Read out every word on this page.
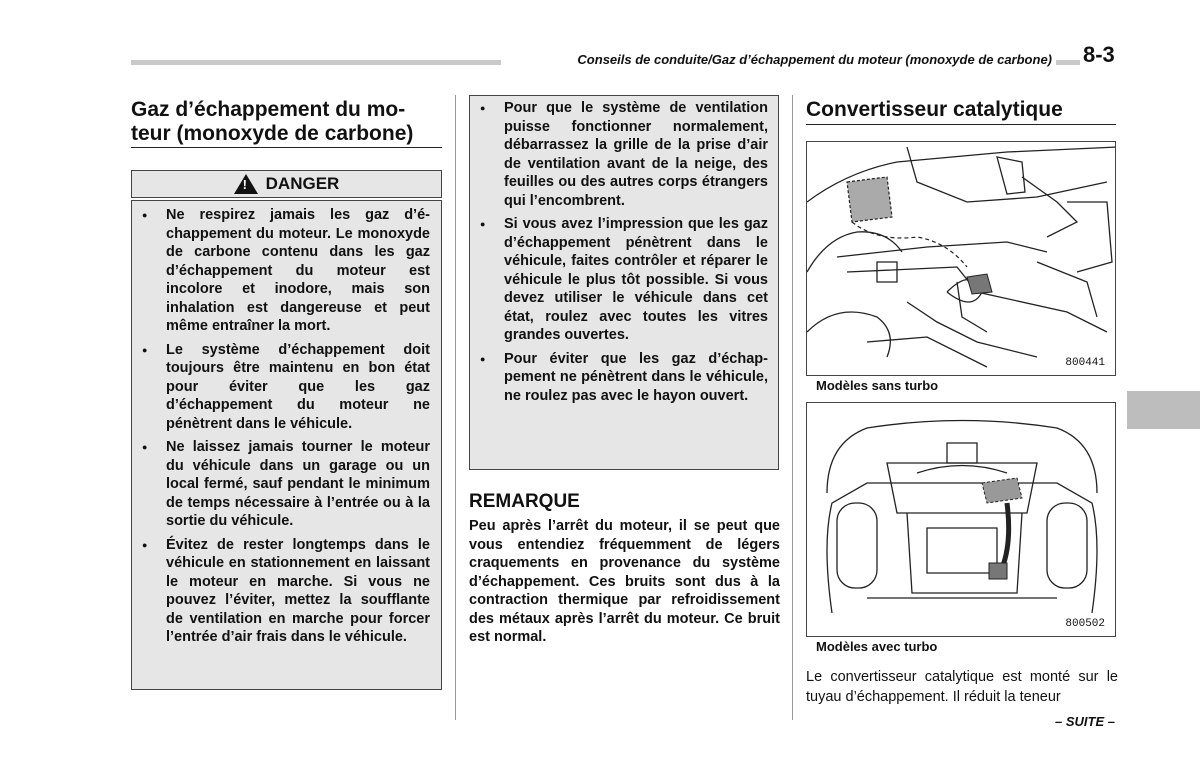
Conseils de conduite/Gaz d’échappement du moteur (monoxyde de carbone) 8-3
Gaz d’échappement du mo-
teur (monoxyde de carbone)
! DANGER
● Ne respirez jamais les gaz d’échappement du moteur. Le monoxyde de carbone contenu dans les gaz d’échappement du moteur est incolore et inodore, mais son inhalation est dangereuse et peut même entraîner la mort.
● Le système d’échappement doit toujours être maintenu en bon état pour éviter que les gaz d’échappement du moteur ne pénètrent dans le véhicule.
● Ne laissez jamais tourner le moteur du véhicule dans un garage ou un local fermé, sauf pendant le minimum de temps nécessaire à l’entrée ou à la sortie du véhicule.
● Évitez de rester longtemps dans le véhicule en stationnement en laissant le moteur en marche. Si vous ne pouvez l’éviter, mettez la soufflante de ventilation en marche pour forcer l’entrée d’air frais dans le véhicule.
● Pour que le système de ventilation puisse fonctionner normalement, débarrassez la grille de la prise d’air de ventilation avant de la neige, des feuilles ou des autres corps étrangers qui l’encombrent.
● Si vous avez l’impression que les gaz d’échappement pénètrent dans le véhicule, faites contrôler et réparer le véhicule le plus tôt possible. Si vous devez utiliser le véhicule dans cet état, roulez avec toutes les vitres grandes ouvertes.
● Pour éviter que les gaz d’échappement ne pénètrent dans le véhicule, ne roulez pas avec le hayon ouvert.
REMARQUE
Peu après l’arrêt du moteur, il se peut que vous entendiez fréquemment de légers craquements en provenance du système d’échappement. Ces bruits sont dus à la contraction thermique par refroidissement des métaux après l’arrêt du moteur. Ce bruit est normal.
Convertisseur catalytique
800441
Modèles sans turbo
800502
Modèles avec turbo
Le convertisseur catalytique est monté sur le tuyau d’échappement. Il réduit la teneur
– SUITE –
